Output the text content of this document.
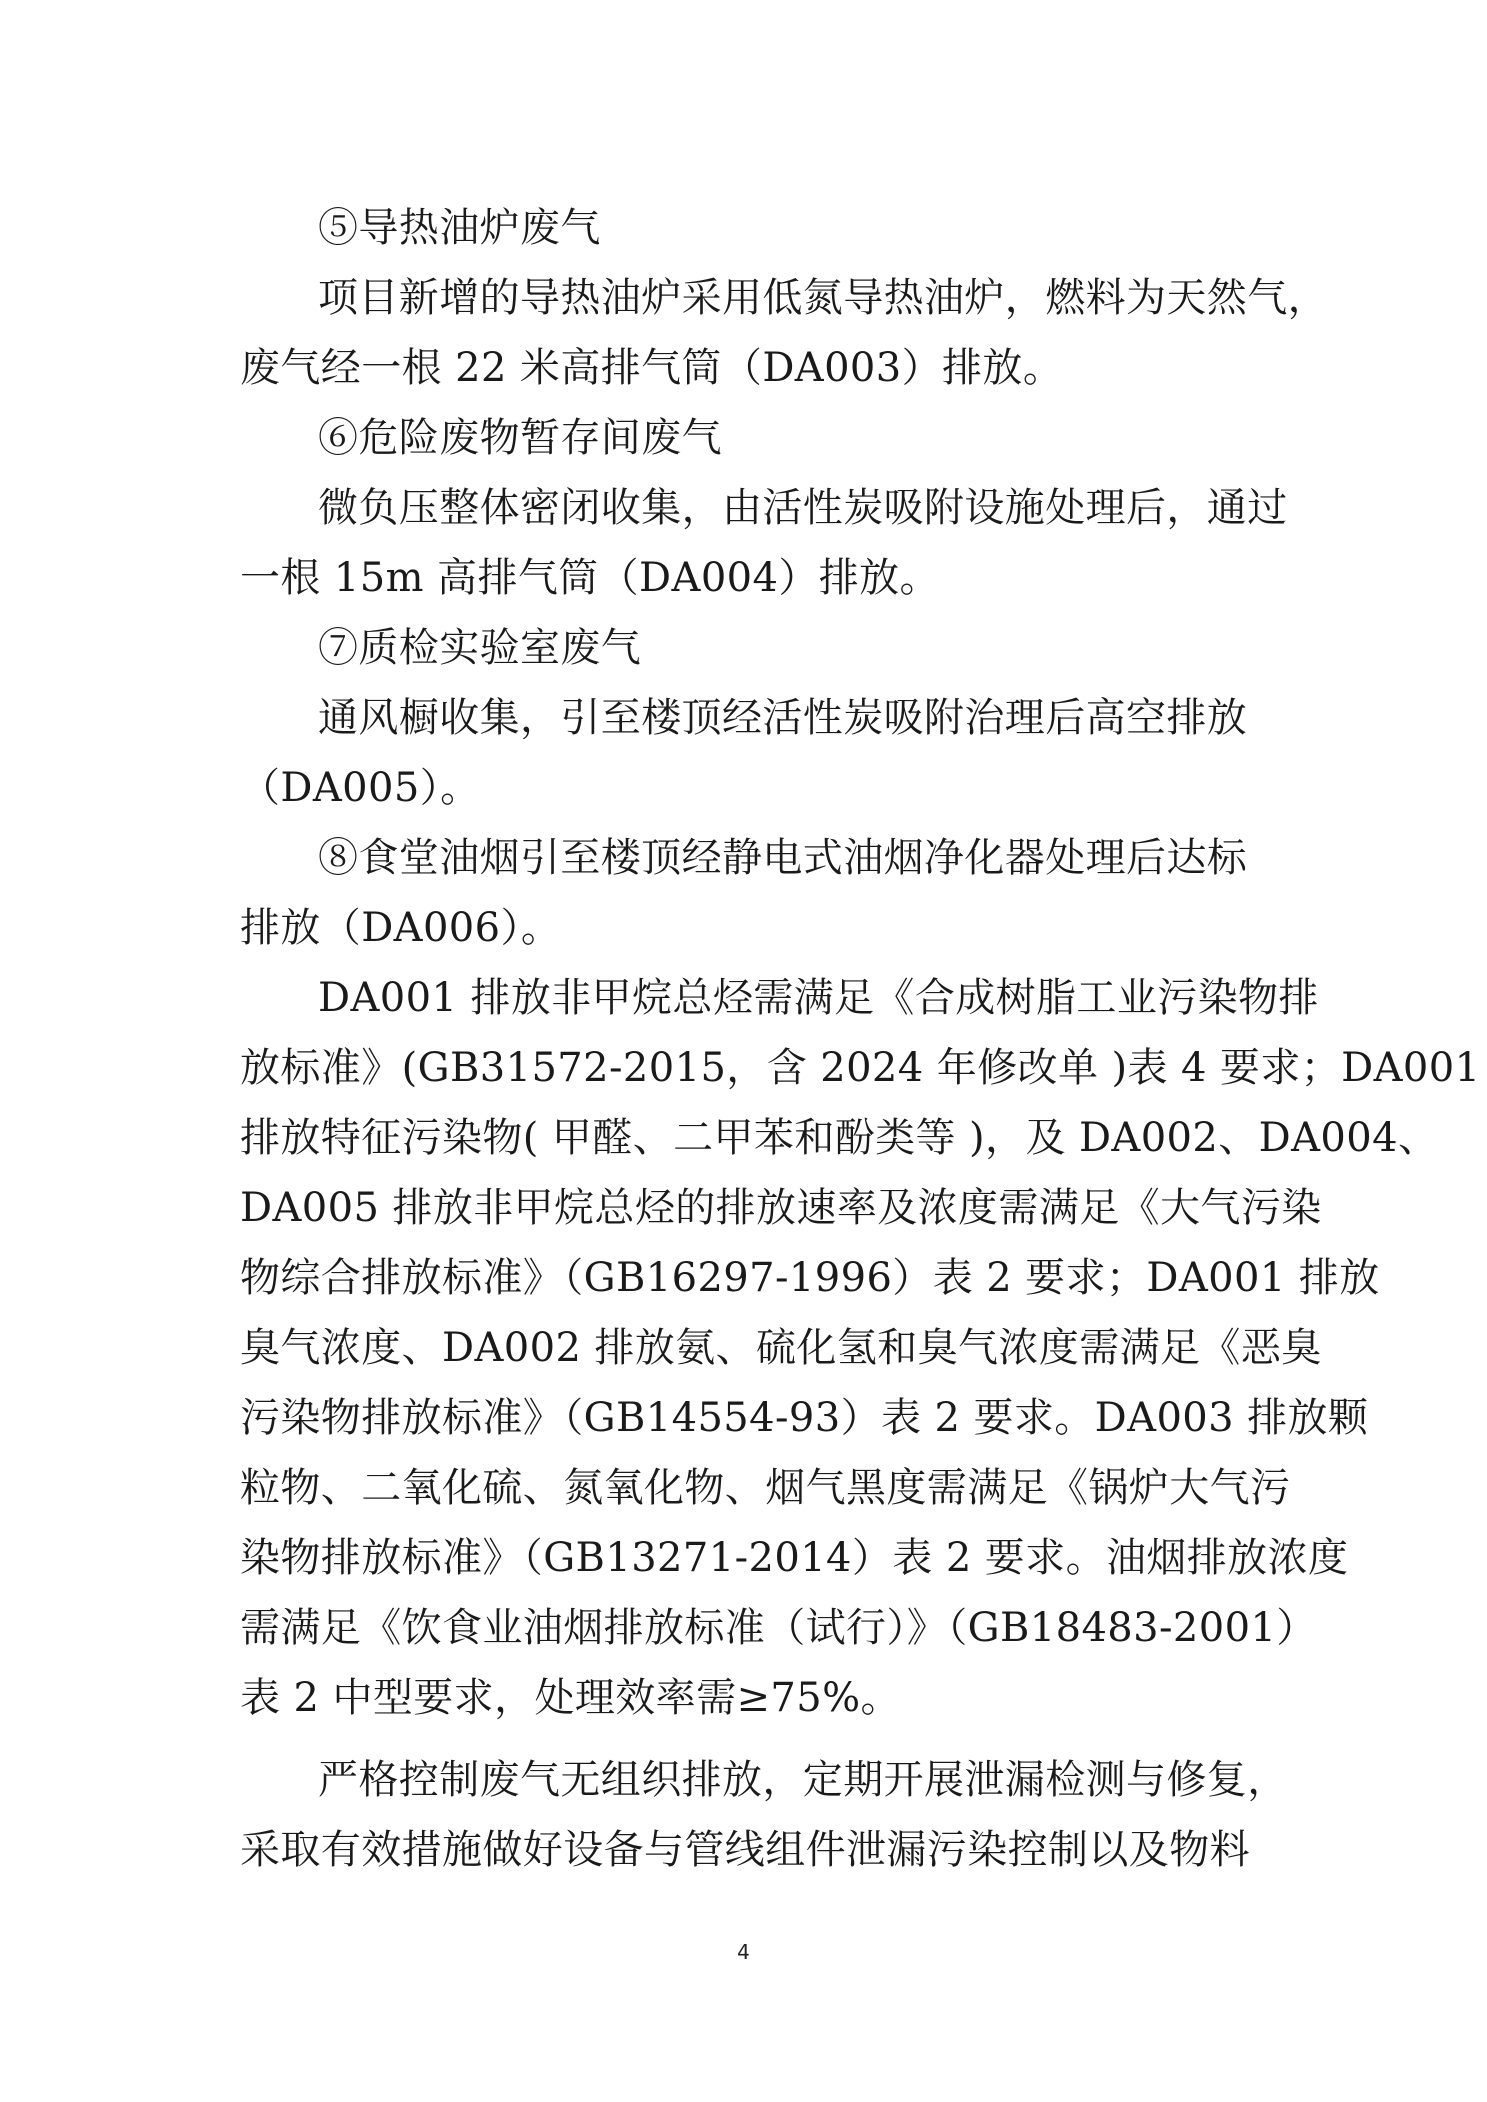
⑤导热油炉废气
项目新增的导热油炉采用低氮导热油炉，燃料为天然气，
废气经一根 22 米高排气筒（DA003）排放。
⑥危险废物暂存间废气
微负压整体密闭收集，由活性炭吸附设施处理后，通过
一根 15m 高排气筒（DA004）排放。
⑦质检实验室废气
通风橱收集，引至楼顶经活性炭吸附治理后高空排放
（DA005）。
⑧食堂油烟引至楼顶经静电式油烟净化器处理后达标
排放（DA006）。
DA001 排放非甲烷总烃需满足《合成树脂工业污染物排
放标准》(GB31572-2015，含 2024 年修改单 )表 4 要求；DA001
排放特征污染物( 甲醛、二甲苯和酚类等 )，及 DA002、DA004、
DA005 排放非甲烷总烃的排放速率及浓度需满足《大气污染
物综合排放标准》（GB16297-1996）表 2 要求；DA001 排放
臭气浓度、DA002 排放氨、硫化氢和臭气浓度需满足《恶臭
污染物排放标准》（GB14554-93）表 2 要求。DA003 排放颗
粒物、二氧化硫、氮氧化物、烟气黑度需满足《锅炉大气污
染物排放标准》（GB13271-2014）表 2 要求。油烟排放浓度
需满足《饮食业油烟排放标准（试行）》（GB18483-2001）
表 2 中型要求，处理效率需≥75%。
严格控制废气无组织排放，定期开展泄漏检测与修复，
采取有效措施做好设备与管线组件泄漏污染控制以及物料
4
